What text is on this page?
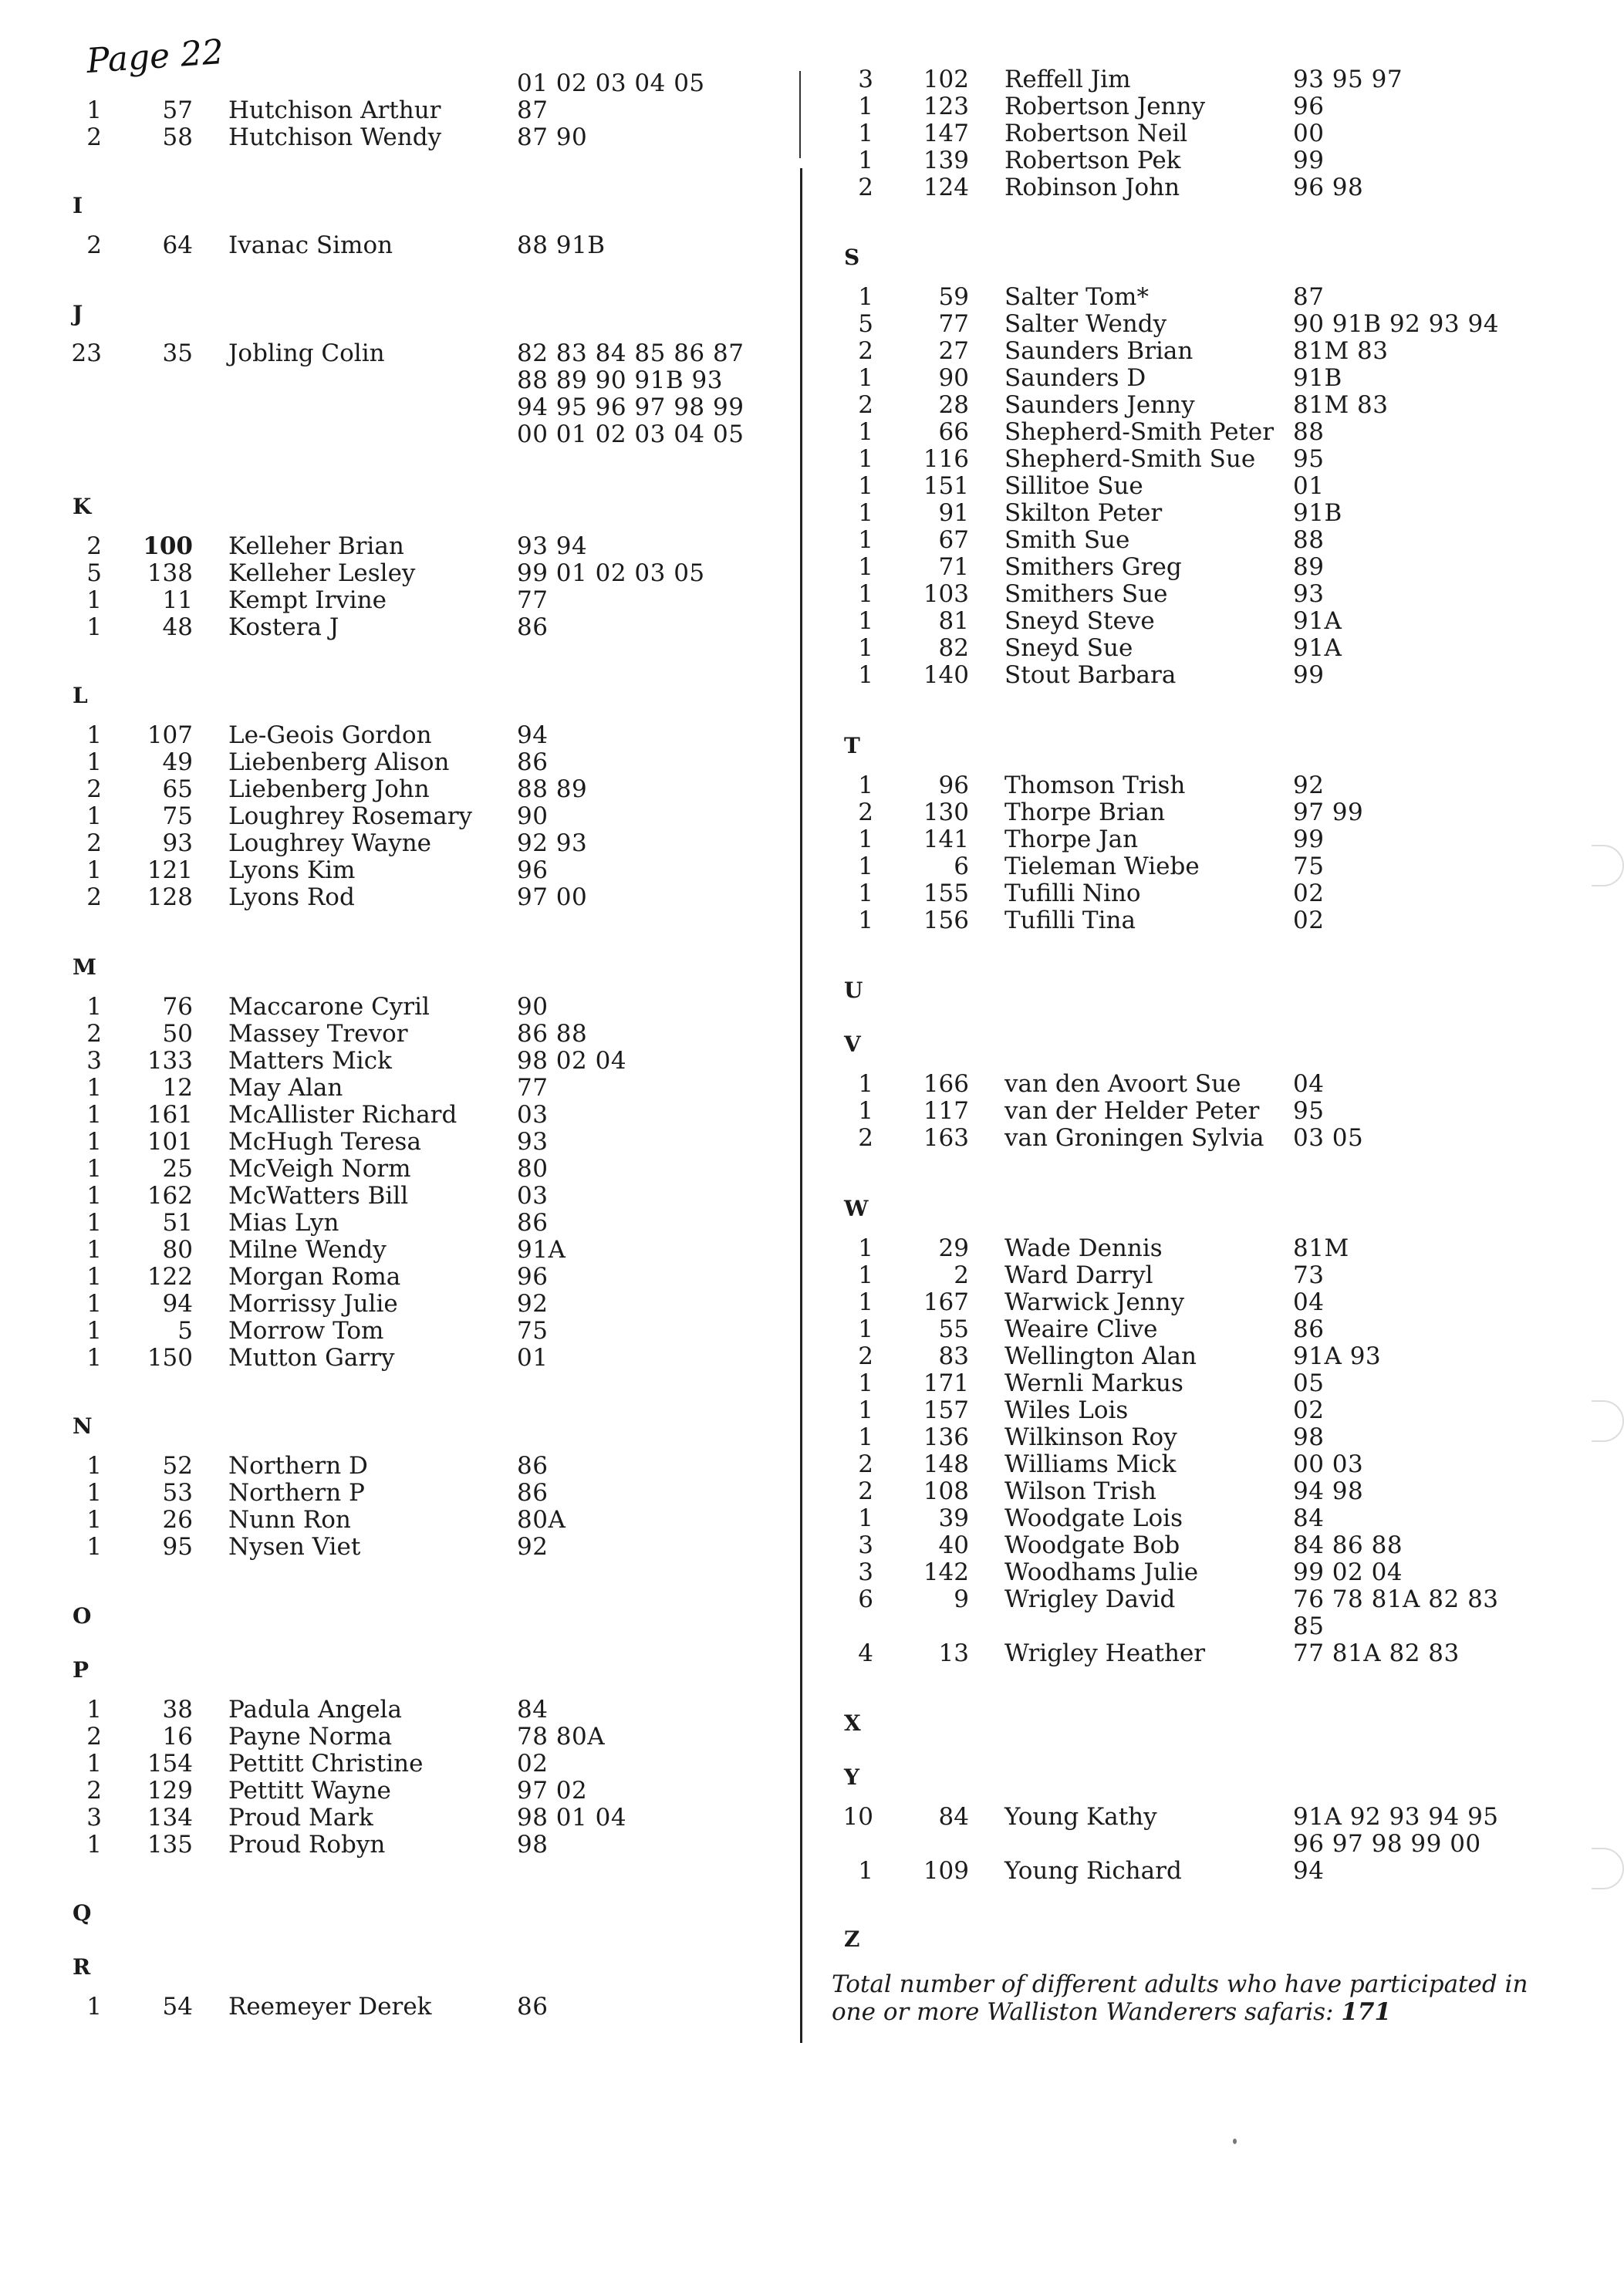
Page 22
01 02 03 04 05
1	57 Hutchison Arthur	87
2	58 Hutchison Wendy	87 90
I
2	64 Ivanac Simon	88 91B
J
23	35 Jobling Colin	82 83 84 85 86 87
88 89 90 91B 93
94 95 96 97 98 99
00 01 02 03 04 05
K
2	100 Kelleher Brian	93 94
5	138 Kelleher Lesley	99 01 02 03 05
1	11 Kempt Irvine	77
1	48 Kostera J	86
L
1	107 Le-Geois Gordon	94
1	49 Liebenberg Alison	86
2	65 Liebenberg John	88 89
1	75 Loughrey Rosemary 90
2	93 Loughrey Wayne	92 93
1	121 Lyons Kim	96
2	128 Lyons Rod	97 00
M
1	76 Maccarone Cyril	90
2	50 Massey Trevor	86 88
3	133 Matters Mick	98 02 04
1	12 May Alan	77
1	161 McAllister Richard	03
1	101 McHugh Teresa	93
1	25 McVeigh Norm	80
1	162 McWatters Bill	03
1	51 Mias Lyn	86
1	80 Milne Wendy	91A
1	122 Morgan Roma	96
1	94 Morrissy Julie	92
1	5 Morrow Tom	75
1	150 Mutton Garry	01
N
1	52 Northern D	86
1	53 Northern P	86
1	26 Nunn Ron	80A
1	95 Nysen Viet	92
O
P
1	38 Padula Angela	84
2	16 Payne Norma	78 80A
1	154 Pettitt Christine	02
2	129 Pettitt Wayne	97 02
3	134 Proud Mark	98 01 04
1	135 Proud Robyn	98
Q
R
1	54 Reemeyer Derek	86
3	102 Reffell Jim	93 95 97
1	123 Robertson Jenny	96
1	147 Robertson Neil	00
1	139 Robertson Pek	99
2	124 Robinson John	96 98
S
1	59 Salter Tom*	87
5	77 Salter Wendy	90 91B 92 93 94
2	27 Saunders Brian	81M 83
1	90 Saunders D	91B
2	28 Saunders Jenny	81M 83
1	66 Shepherd-Smith Peter 88
1	116 Shepherd-Smith Sue 95
1	151 Sillitoe Sue	01
1	91 Skilton Peter	91B
1	67 Smith Sue	88
1	71 Smithers Greg	89
1	103 Smithers Sue	93
1	81 Sneyd Steve	91A
1	82 Sneyd Sue	91A
1	140 Stout Barbara	99
T
1	96 Thomson Trish	92
2	130 Thorpe Brian	97 99
1	141 Thorpe Jan	99
1	6 Tieleman Wiebe	75
1	155 Tufilli Nino	02
1	156 Tufilli Tina	02
U
V
1	166 van den Avoort Sue 04
1	117 van der Helder Peter 95
2	163 van Groningen Sylvia 03 05
W
1	29 Wade Dennis	81M
1	2 Ward Darryl	73
1	167 Warwick Jenny	04
1	55 Weaire Clive	86
2	83 Wellington Alan	91A 93
1	171 Wernli Markus	05
1	157 Wiles Lois	02
1	136 Wilkinson Roy	98
2	148 Williams Mick	00 03
2	108 Wilson Trish	94 98
1	39 Woodgate Lois	84
3	40 Woodgate Bob	84 86 88
3	142 Woodhams Julie	99 02 04
6	9 Wrigley David	76 78 81A 82 83
85
4	13 Wrigley Heather	77 81A 82 83
X
Y
10	84 Young Kathy	91A 92 93 94 95
96 97 98 99 00
1	109 Young Richard	94
Z
Total number of different adults who have participated in one or more Walliston Wanderers safaris: 171
